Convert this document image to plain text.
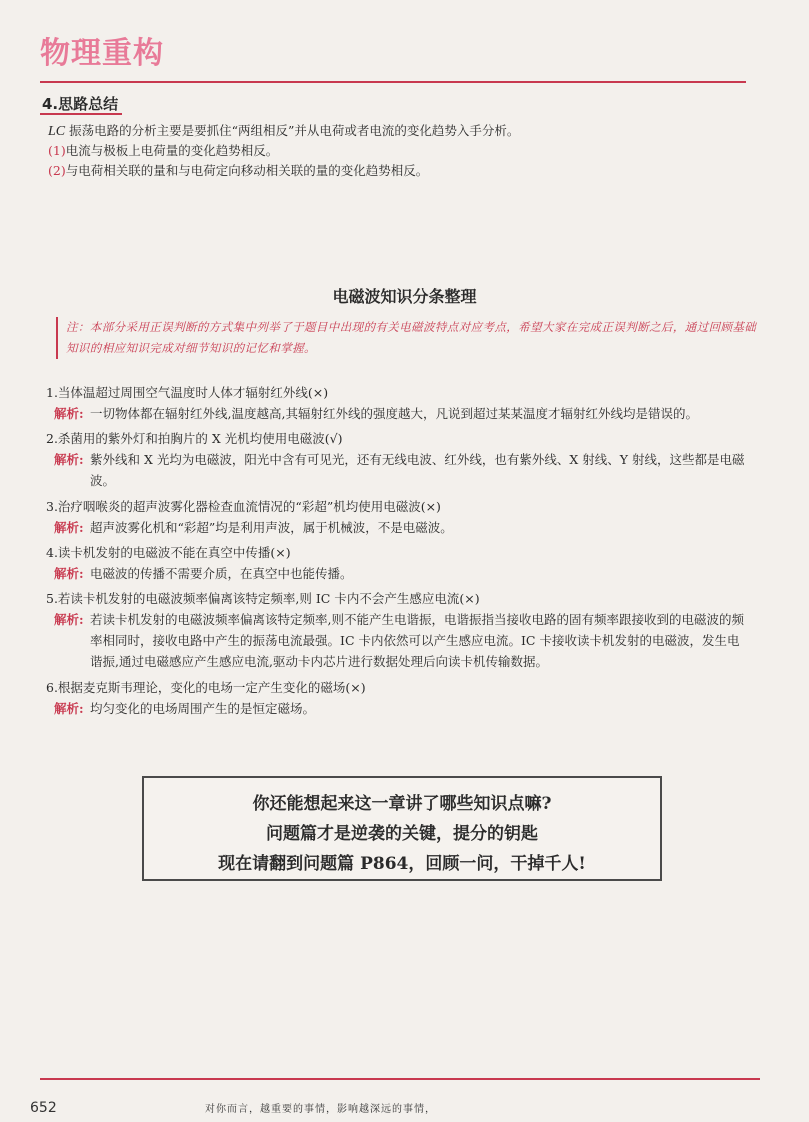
物理重构
4.思路总结
LC 振荡电路的分析主要是要抓住“两组相反”并从电荷或者电流的变化趋势入手分析。
(1)电流与极板上电荷量的变化趋势相反。
(2)与电荷相关联的量和与电荷定向移动相关联的量的变化趋势相反。
电磁波知识分条整理
注：本部分采用正误判断的方式集中列举了于题目中出现的有关电磁波特点对应考点，希望大家在完成正误判断之后，通过回顾基础知识的相应知识完成对细节知识的记忆和掌握。
1.当体温超过周围空气温度时人体才辐射红外线(×)
解析: 一切物体都在辐射红外线,温度越高,其辐射红外线的强度越大，凡说到超过某某温度才辐射红外线均是错误的。
2.杀菌用的紫外灯和拍胸片的 X 光机均使用电磁波(√)
解析: 紫外线和 X 光均为电磁波，阳光中含有可见光，还有无线电波、红外线，也有紫外线、X 射线、Y 射线，这些都是电磁波。
3.治疗咽喉炎的超声波雾化器检查血流情况的“彩超”机均使用电磁波(×)
解析: 超声波雾化机和“彩超”均是利用声波，属于机械波，不是电磁波。
4.读卡机发射的电磁波不能在真空中传播(×)
解析: 电磁波的传播不需要介质，在真空中也能传播。
5.若读卡机发射的电磁波频率偏离该特定频率,则 IC 卡内不会产生感应电流(×)
解析: 若读卡机发射的电磁波频率偏离该特定频率,则不能产生电谐振，电谐振指当接收电路的固有频率跟接收到的电磁波的频率相同时，接收电路中产生的振荡电流最强。IC 卡内依然可以产生感应电流。IC 卡接收读卡机发射的电磁波，发生电谐振,通过电磁感应产生感应电流,驱动卡内芯片进行数据处理后向读卡机传输数据。
6.根据麦克斯韦理论，变化的电场一定产生变化的磁场(×)
解析: 均匀变化的电场周围产生的是恒定磁场。
你还能想起来这一章讲了哪些知识点嘛?
问题篇才是逆袭的关键，提分的钥匙
现在请翻到问题篇 P864，回顾一问，干掉千人!
652	对你而言，越重要的事情，影响越深远的事情，
